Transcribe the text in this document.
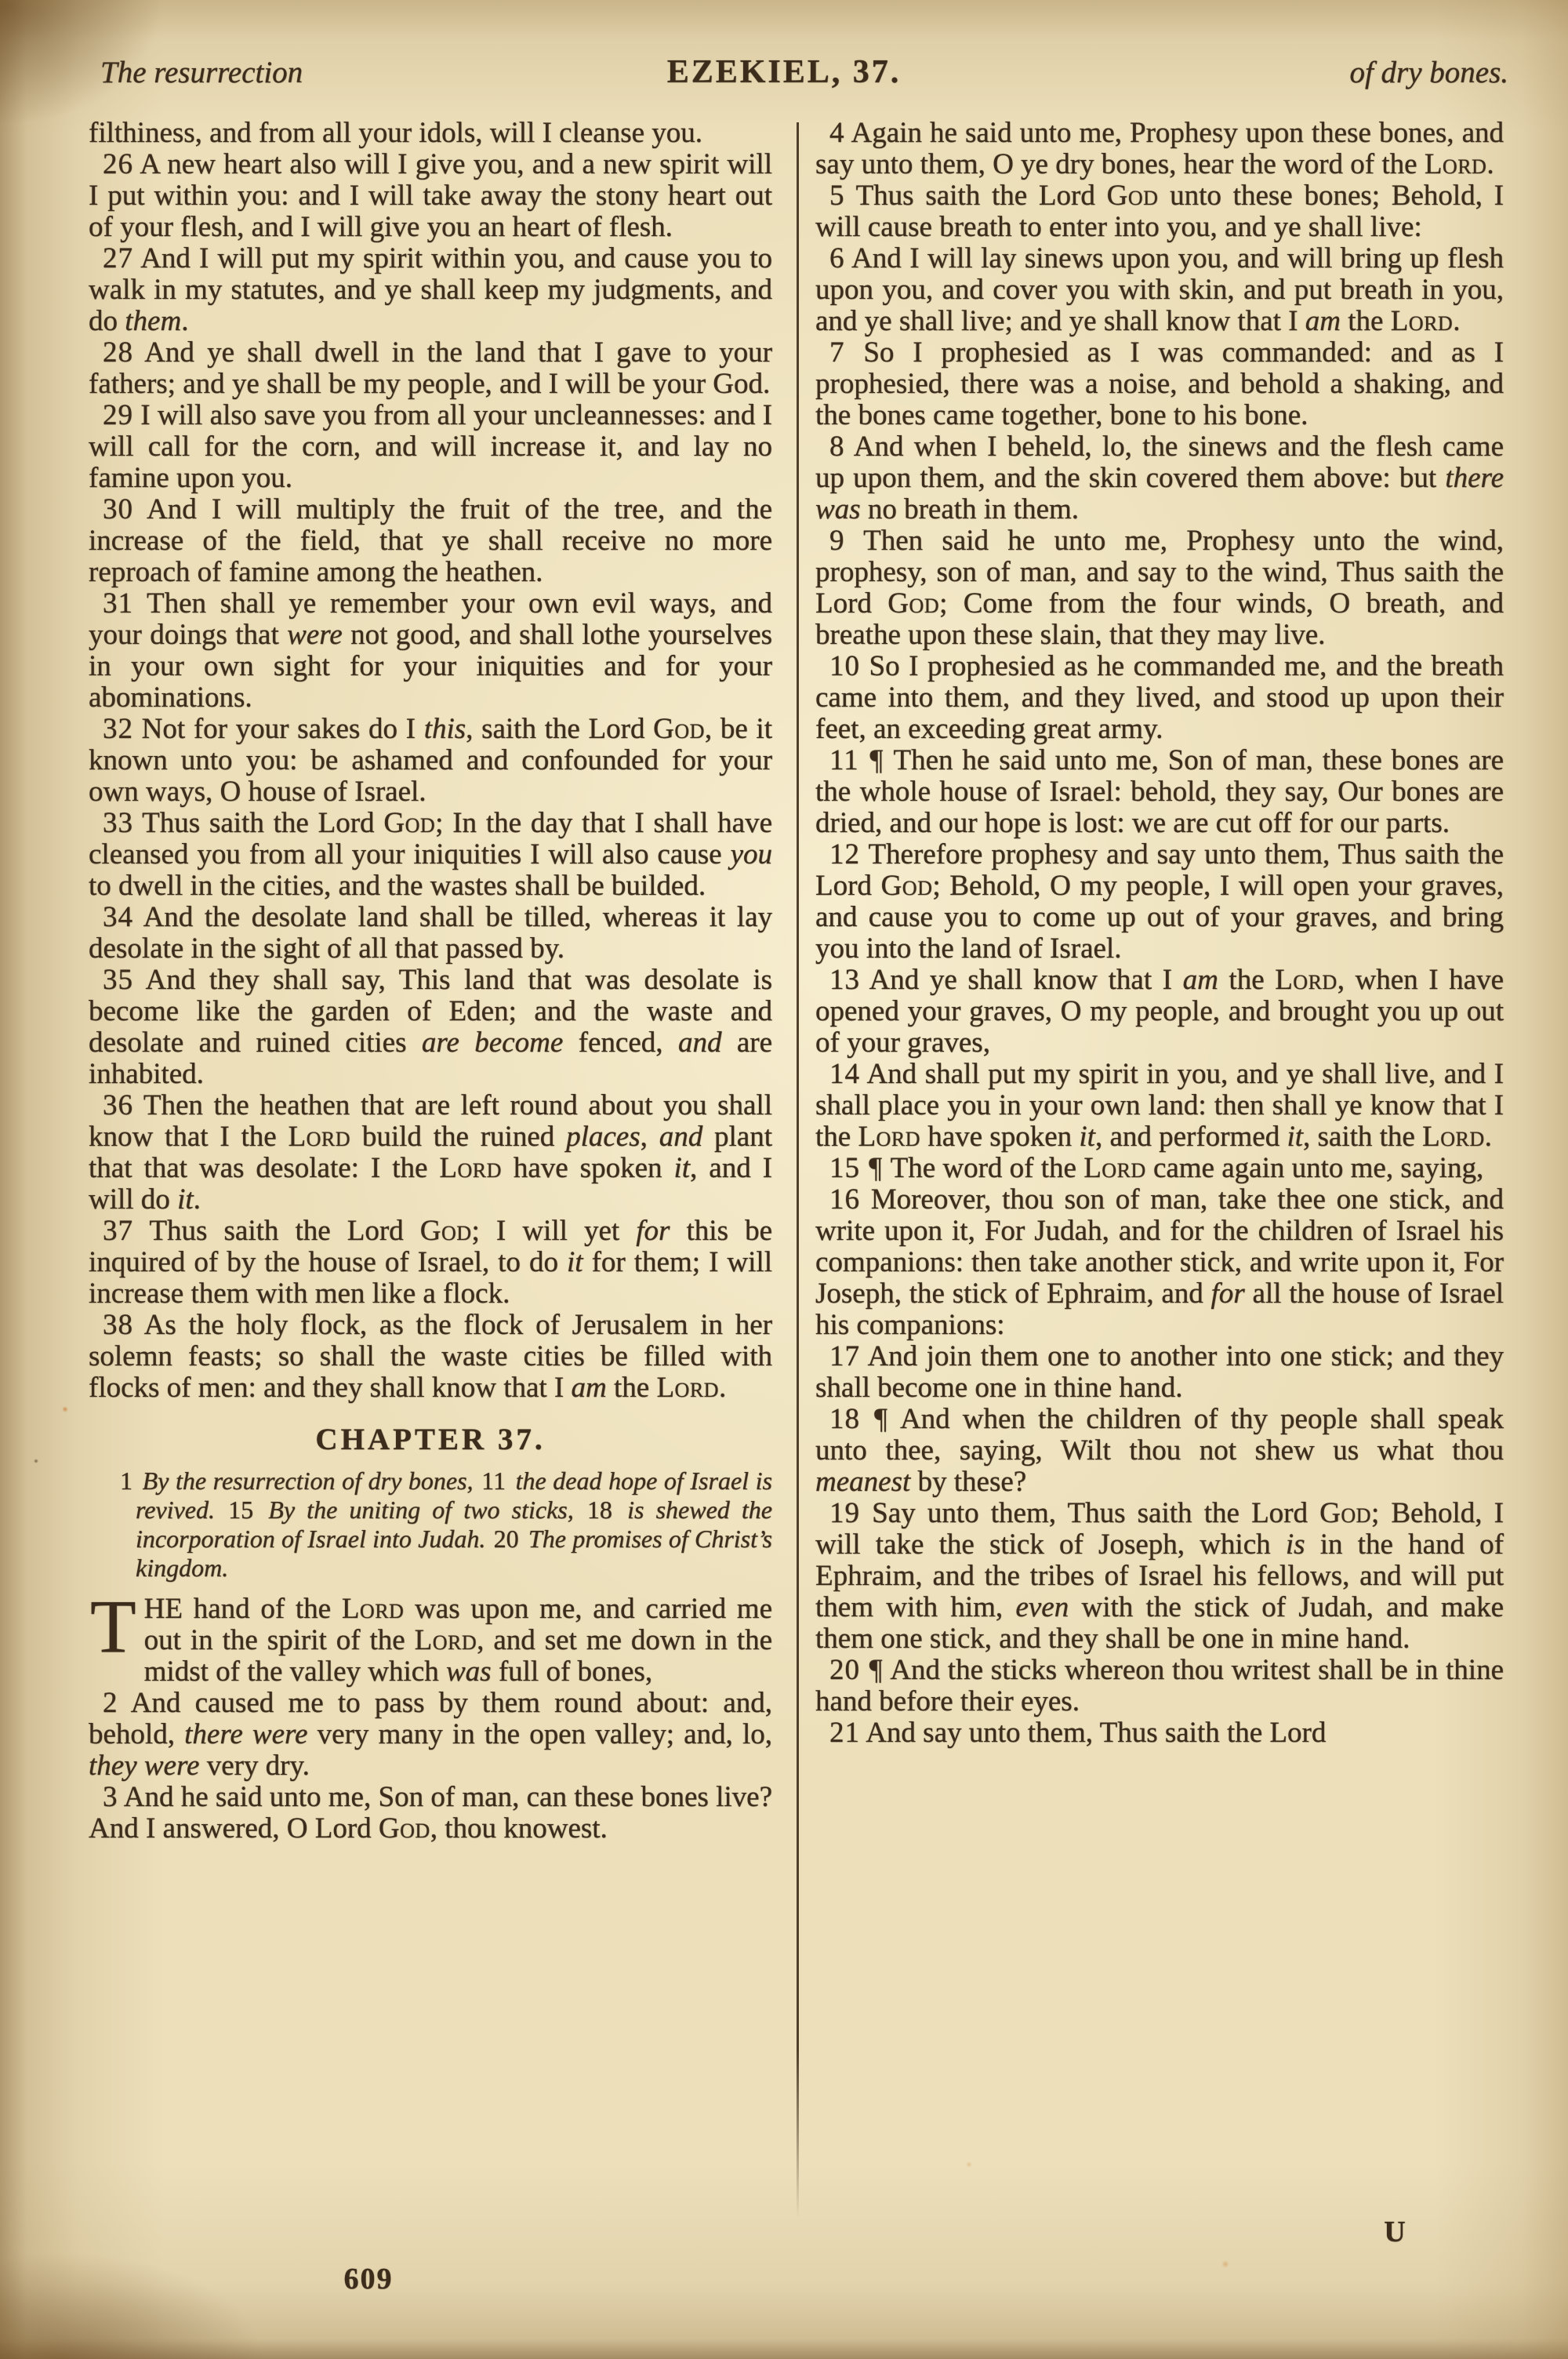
The resurrection	EZEKIEL, 37.	of dry bones.

filthiness, and from all your idols, will I cleanse you.

26 A new heart also will I give you, and a new spirit will I put within you: and I will take away the stony heart out of your flesh, and I will give you an heart of flesh.

27 And I will put my spirit within you, and cause you to walk in my statutes, and ye shall keep my judgments, and do them.

28 And ye shall dwell in the land that I gave to your fathers; and ye shall be my people, and I will be your God.

29 I will also save you from all your uncleannesses: and I will call for the corn, and will increase it, and lay no famine upon you.

30 And I will multiply the fruit of the tree, and the increase of the field, that ye shall receive no more reproach of famine among the heathen.

31 Then shall ye remember your own evil ways, and your doings that were not good, and shall lothe yourselves in your own sight for your iniquities and for your abominations.

32 Not for your sakes do I this, saith the Lord God, be it known unto you: be ashamed and confounded for your own ways, O house of Israel.

33 Thus saith the Lord God; In the day that I shall have cleansed you from all your iniquities I will also cause you to dwell in the cities, and the wastes shall be builded.

34 And the desolate land shall be tilled, whereas it lay desolate in the sight of all that passed by.

35 And they shall say, This land that was desolate is become like the garden of Eden; and the waste and desolate and ruined cities are become fenced, and are inhabited.

36 Then the heathen that are left round about you shall know that I the Lord build the ruined places, and plant that that was desolate: I the Lord have spoken it, and I will do it.

37 Thus saith the Lord God; I will yet for this be inquired of by the house of Israel, to do it for them; I will increase them with men like a flock.

38 As the holy flock, as the flock of Jerusalem in her solemn feasts; so shall the waste cities be filled with flocks of men: and they shall know that I am the Lord.

CHAPTER 37.

1 By the resurrection of dry bones, 11 the dead hope of Israel is revived. 15 By the uniting of two sticks, 18 is shewed the incorporation of Israel into Judah. 20 The promises of Christ’s kingdom.

THE hand of the Lord was upon me, and carried me out in the spirit of the Lord, and set me down in the midst of the valley which was full of bones,

2 And caused me to pass by them round about: and, behold, there were very many in the open valley; and, lo, they were very dry.

3 And he said unto me, Son of man, can these bones live? And I answered, O Lord God, thou knowest.

4 Again he said unto me, Prophesy upon these bones, and say unto them, O ye dry bones, hear the word of the Lord.

5 Thus saith the Lord God unto these bones; Behold, I will cause breath to enter into you, and ye shall live:

6 And I will lay sinews upon you, and will bring up flesh upon you, and cover you with skin, and put breath in you, and ye shall live; and ye shall know that I am the Lord.

7 So I prophesied as I was commanded: and as I prophesied, there was a noise, and behold a shaking, and the bones came together, bone to his bone.

8 And when I beheld, lo, the sinews and the flesh came up upon them, and the skin covered them above: but there was no breath in them.

9 Then said he unto me, Prophesy unto the wind, prophesy, son of man, and say to the wind, Thus saith the Lord God; Come from the four winds, O breath, and breathe upon these slain, that they may live.

10 So I prophesied as he commanded me, and the breath came into them, and they lived, and stood up upon their feet, an exceeding great army.

11 ¶ Then he said unto me, Son of man, these bones are the whole house of Israel: behold, they say, Our bones are dried, and our hope is lost: we are cut off for our parts.

12 Therefore prophesy and say unto them, Thus saith the Lord God; Behold, O my people, I will open your graves, and cause you to come up out of your graves, and bring you into the land of Israel.

13 And ye shall know that I am the Lord, when I have opened your graves, O my people, and brought you up out of your graves,

14 And shall put my spirit in you, and ye shall live, and I shall place you in your own land: then shall ye know that I the Lord have spoken it, and performed it, saith the Lord.

15 ¶ The word of the Lord came again unto me, saying,

16 Moreover, thou son of man, take thee one stick, and write upon it, For Judah, and for the children of Israel his companions: then take another stick, and write upon it, For Joseph, the stick of Ephraim, and for all the house of Israel his companions:

17 And join them one to another into one stick; and they shall become one in thine hand.

18 ¶ And when the children of thy people shall speak unto thee, saying, Wilt thou not shew us what thou meanest by these?

19 Say unto them, Thus saith the Lord God; Behold, I will take the stick of Joseph, which is in the hand of Ephraim, and the tribes of Israel his fellows, and will put them with him, even with the stick of Judah, and make them one stick, and they shall be one in mine hand.

20 ¶ And the sticks whereon thou writest shall be in thine hand before their eyes.

21 And say unto them, Thus saith the Lord

609
U
